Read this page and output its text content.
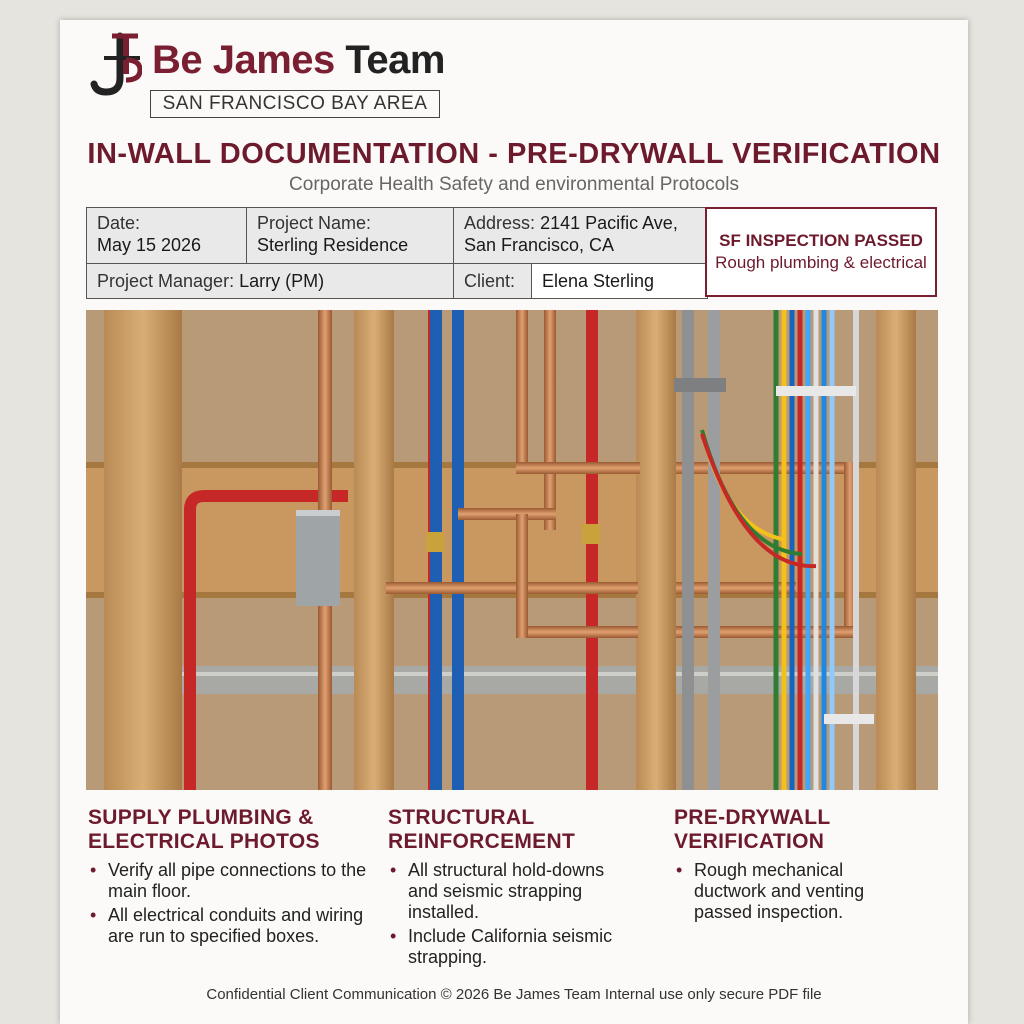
Be James Team
SAN FRANCISCO BAY AREA
IN-WALL DOCUMENTATION - PRE-DRYWALL VERIFICATION
Corporate Health Safety and environmental Protocols
Date:
May 15 2026
Project Name:
Sterling Residence
Address: 2141 Pacific Ave,
San Francisco, CA
Project Manager: Larry (PM)	Client:	Elena Sterling
SF INSPECTION PASSED
Rough plumbing & electrical
SUPPLY PLUMBING &
ELECTRICAL PHOTOS
• Verify all pipe connections to the main floor.
• All electrical conduits and wiring are run to specified boxes.
STRUCTURAL
REINFORCEMENT
• All structural hold-downs and seismic strapping installed.
• Include California seismic strapping.
PRE-DRYWALL
VERIFICATION
• Rough mechanical ductwork and venting passed inspection.
Confidential Client Communication © 2026 Be James Team Internal use only secure PDF file
